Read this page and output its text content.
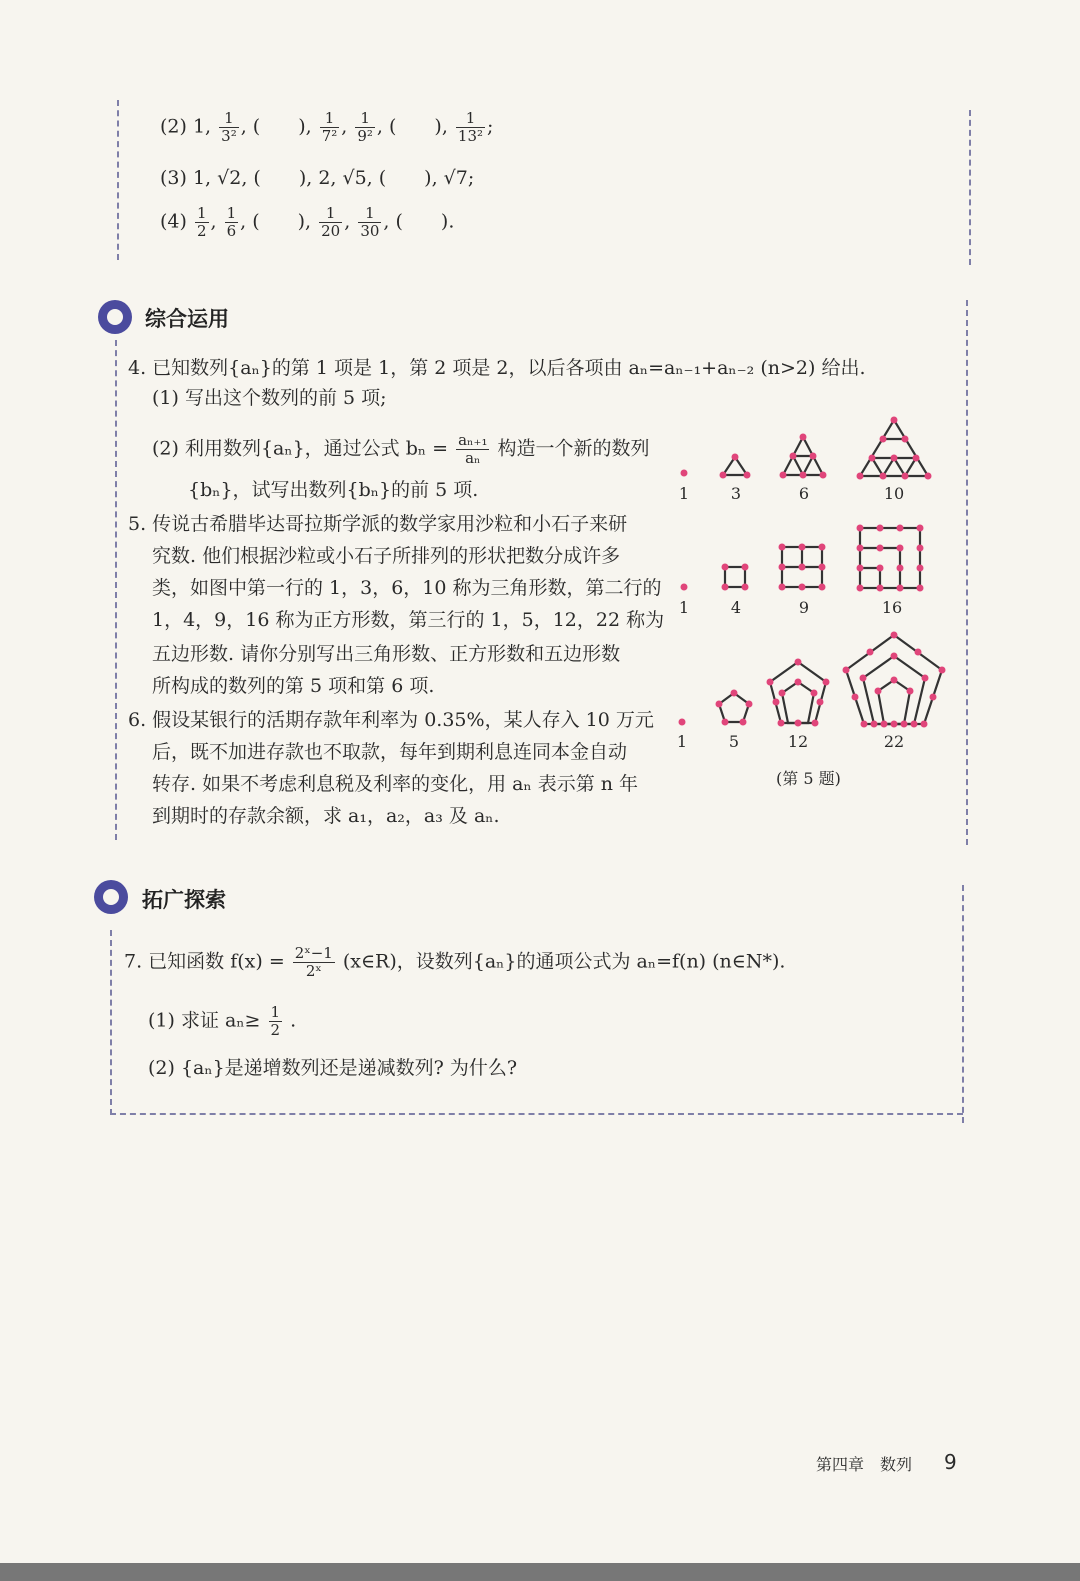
(2) 1, $\frac{1}{\text{3²}}$ , (　　), $\frac{1}{\text{7²}}$ , $\frac{1}{\text{9²}}$ , (　　), $\frac{1}{\text{13²}}$ ;
(3) 1, √2, (　　), 2, √5, (　　), √7;
$(4) \frac{1}{2}$ , $\frac{1}{6}$ , (　　), $\frac{1}{20}$ , $\frac{1}{30}$ , (　　).
综合运用
4. 已知数列{aₙ}的第 1 项是 1，第 2 项是 2，以后各项由 aₙ=aₙ₋₁+aₙ₋₂ (n>2) 给出.
(1) 写出这个数列的前 5 项;
(2) 利用数列{aₙ}，通过公式 $b_n = \frac{\text{aₙ₊₁}}{\text{aₙ}}$ 构造一个新的数列
{bₙ}，试写出数列{bₙ}的前 5 项.
5. 传说古希腊毕达哥拉斯学派的数学家用沙粒和小石子来研
究数. 他们根据沙粒或小石子所排列的形状把数分成许多
类，如图中第一行的 1，3，6，10 称为三角形数，第二行的
1，4，9，16 称为正方形数，第三行的 1，5，12，22 称为
五边形数. 请你分别写出三角形数、正方形数和五边形数
所构成的数列的第 5 项和第 6 项.
6. 假设某银行的活期存款年利率为 0.35%，某人存入 10 万元
后，既不加进存款也不取款，每年到期利息连同本金自动
转存. 如果不考虑利息税及利率的变化，用 aₙ 表示第 n 年
到期时的存款余额，求 a₁，a₂，a₃ 及 aₙ.
1	3	6	10
1	4	9	16
1	5	12	22
(第 5 题)
拓广探索
7. 已知函数 $f(x) = \frac{\text{2ˣ−1}}{\text{2ˣ}}$ (x∈R)，设数列{aₙ}的通项公式为 aₙ=f(n) (n∈N*).
(1) 求证 $a_n\ge \frac{1}{2}$ .
(2) {aₙ}是递增数列还是递减数列? 为什么?
第四章　数列 9
